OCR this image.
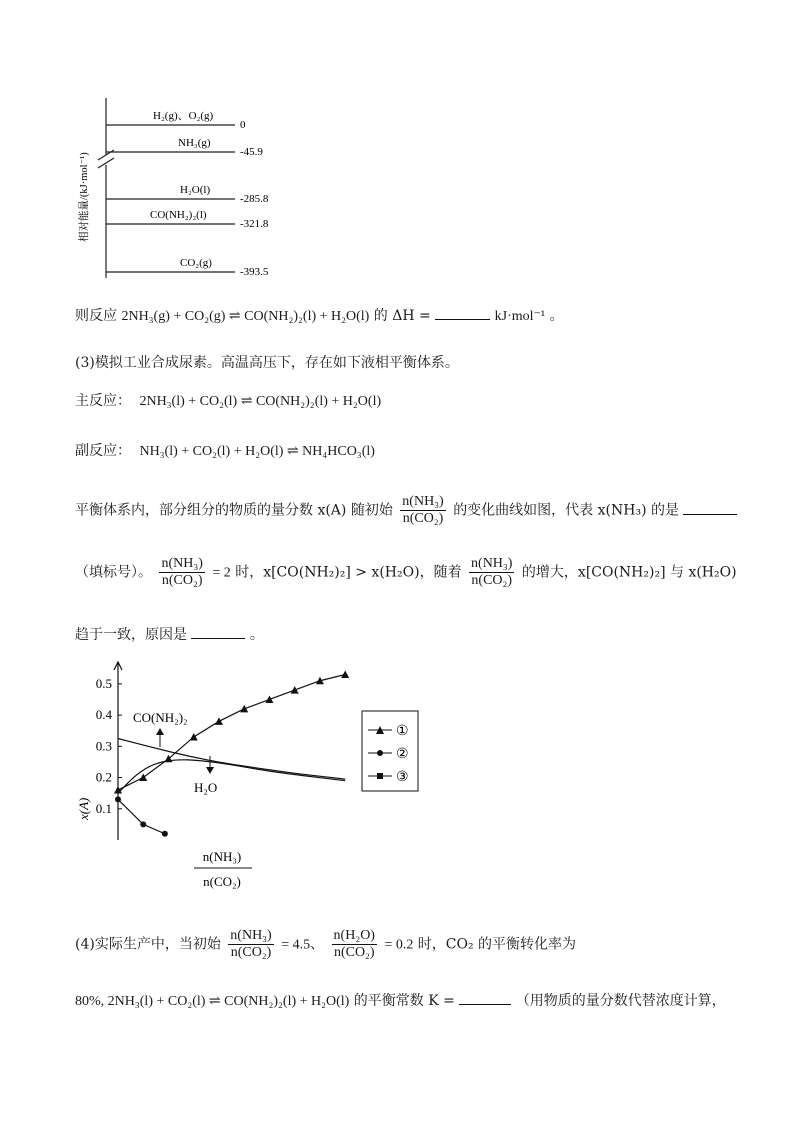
H₂(g)、O₂(g)
NH₃(g)
H₂O(l)
CO(NH₂)₂(l)
CO₂(g)
0
-45.9
-285.8
-321.8
-393.5
相对能量/(kJ·mol⁻¹)
则反应 2NH₃(g) + CO₂(g) ⇌ CO(NH₂)₂(l) + H₂O(l) 的 ΔH =	kJ·mol⁻¹ 。
(3)模拟工业合成尿素。高温高压下，存在如下液相平衡体系。
主反应： 2NH₃(l) + CO₂(l) ⇌ CO(NH₂)₂(l) + H₂O(l)
副反应： NH₃(l) + CO₂(l) + H₂O(l) ⇌ NH₄HCO₃(l)
平衡体系内，部分组分的物质的量分数 x(A) 随初始 $\frac{\text{n(NH₃)}}{\text{n(CO₂)}}$ 的变化曲线如图，代表 x(NH₃) 的是
（填标号）。 $\frac{\text{n(NH₃)}}{\text{n(CO₂)}} = 2$ 时，x[CO(NH₂)₂] > x(H₂O)，随着 $\frac{\text{n(NH₃)}}{\text{n(CO₂)}}$ 的增大，x[CO(NH₂)₂] 与 x(H₂O)
趋于一致，原因是	。
0.1
0.2
0.3
0.4
0.5
x(A)
CO(NH₂)₂
H₂O
n(NH₃)
n(CO₂)
①
②
③
(4)实际生产中，当初始 $\frac{\text{n(NH₃)}}{\text{n(CO₂)}} = 4.5$、 $\frac{\text{n(H₂O)}}{\text{n(CO₂)}} = 0.2$ 时，CO₂ 的平衡转化率为
80%, 2NH₃(l) + CO₂(l) ⇌ CO(NH₂)₂(l) + H₂O(l) 的平衡常数 K =	（用物质的量分数代替浓度计算，
